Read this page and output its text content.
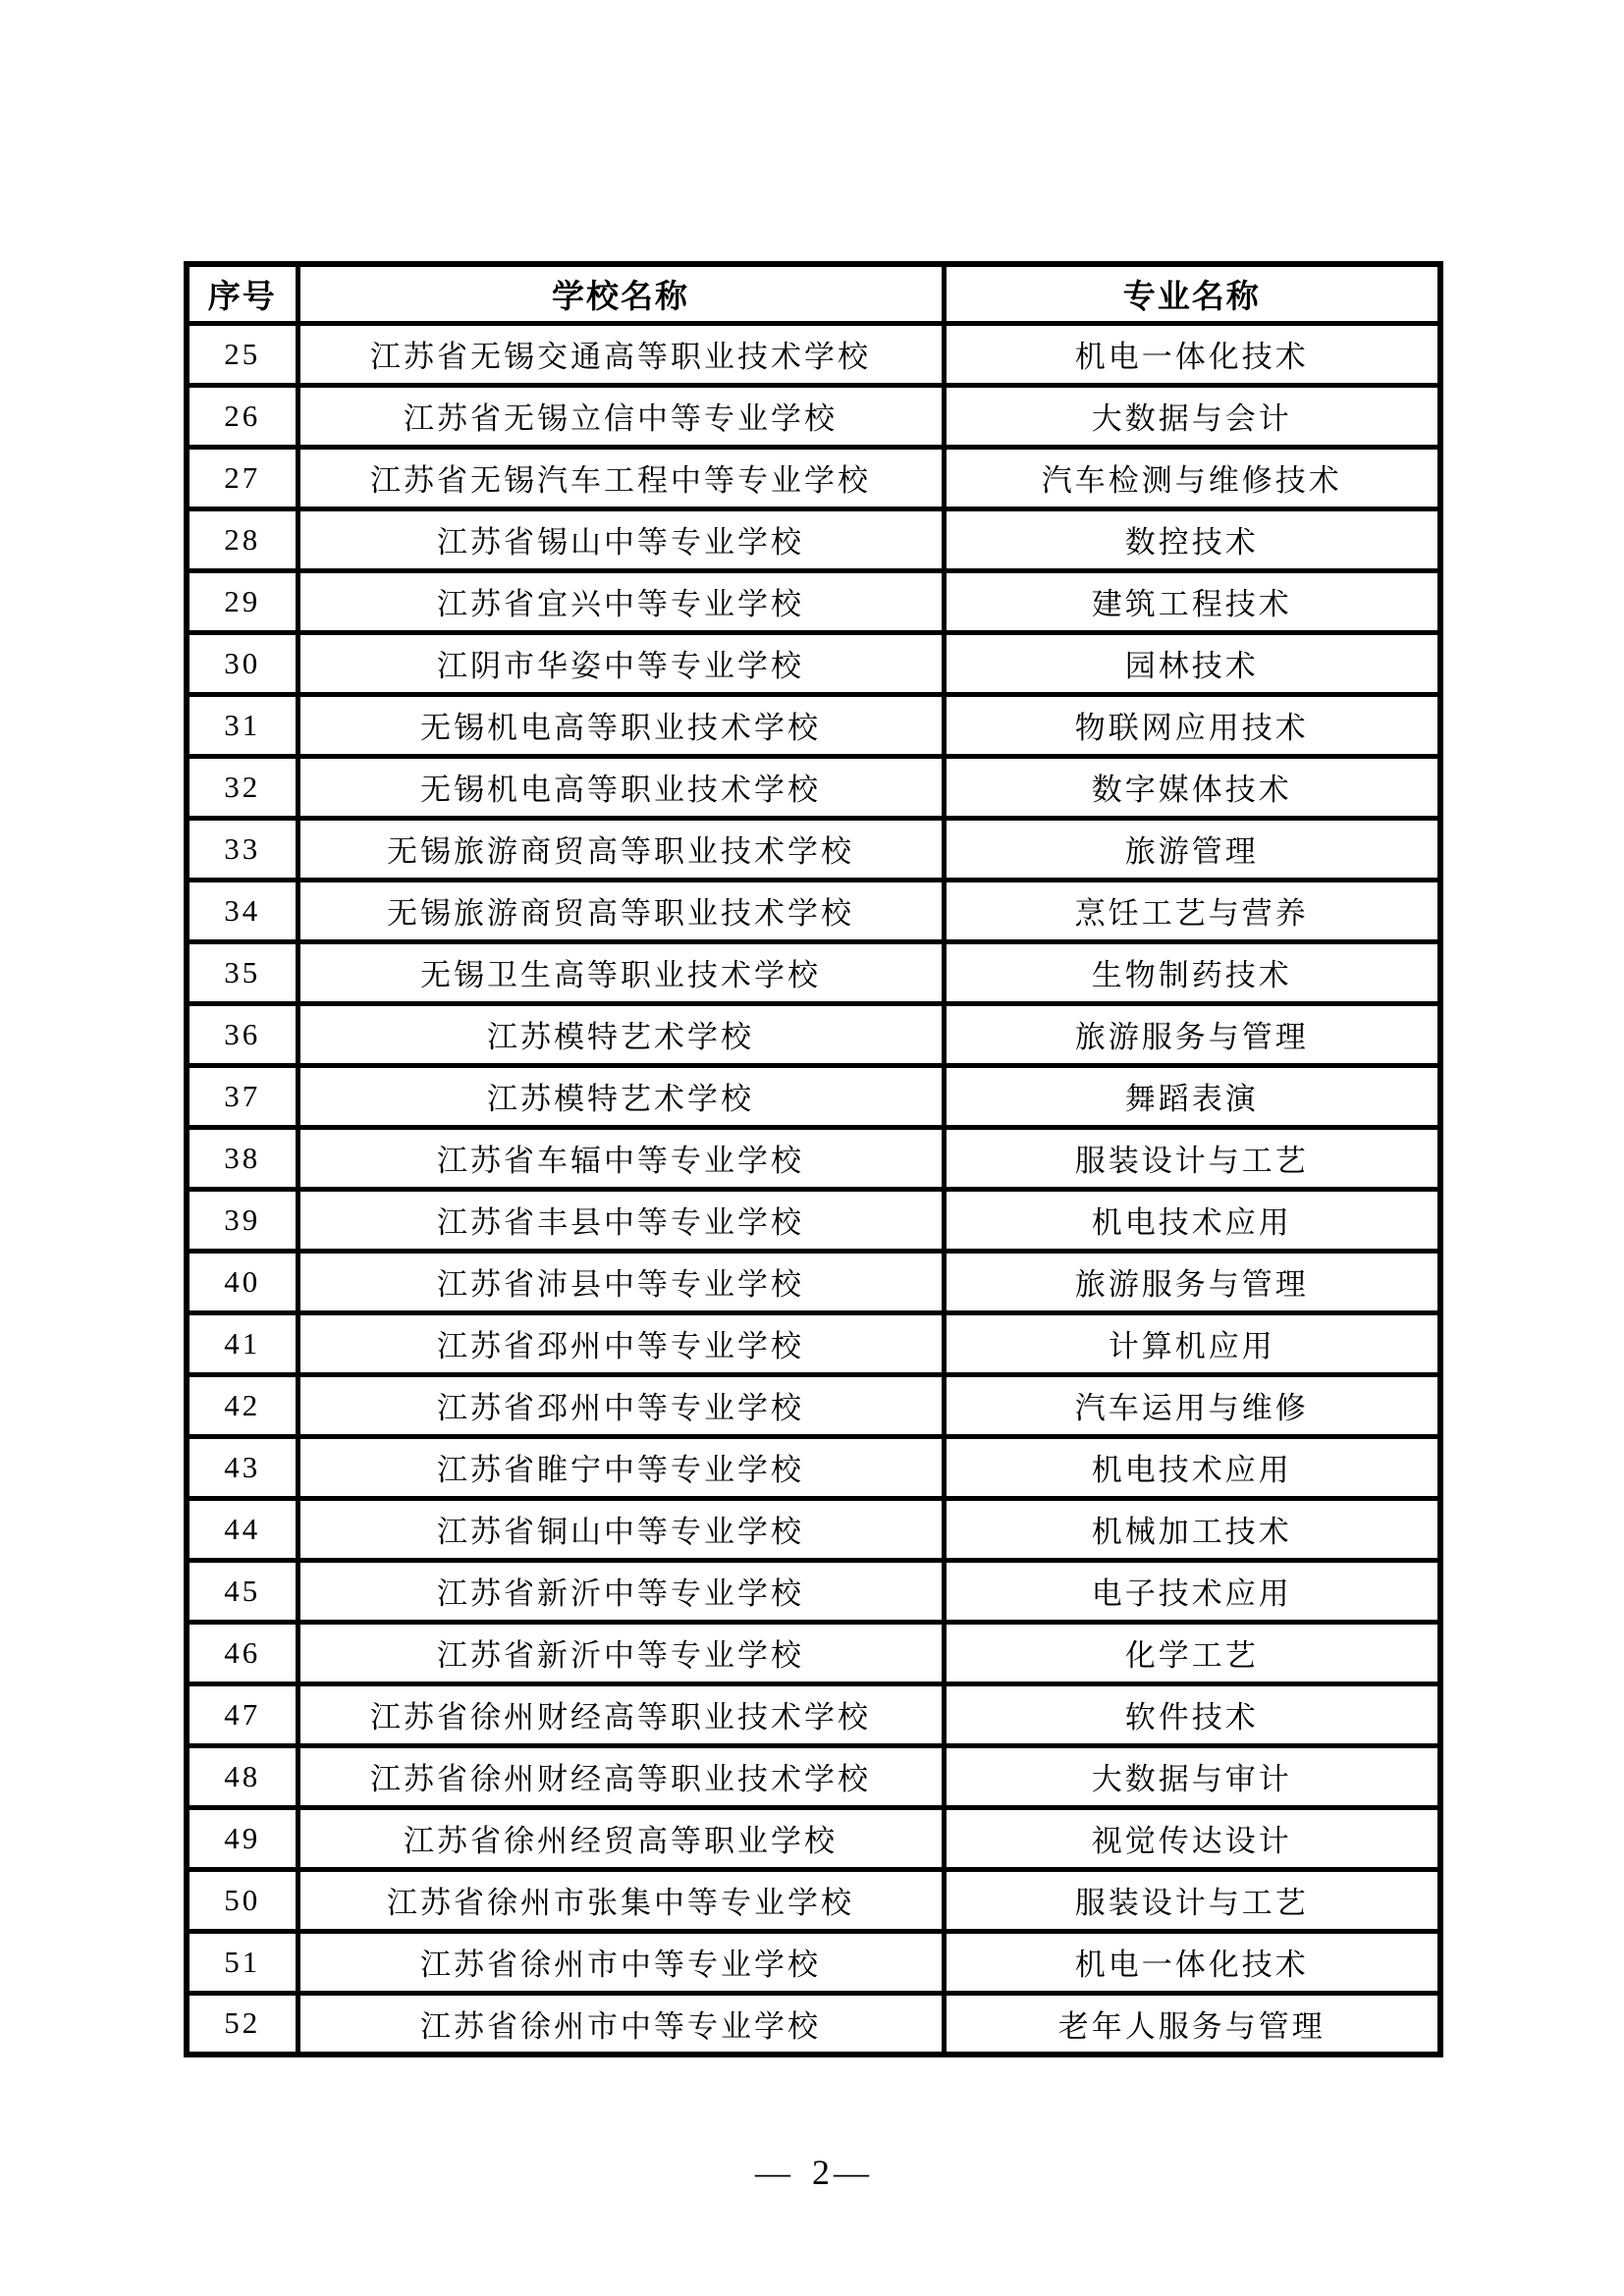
序号	学校名称	专业名称
25	江苏省无锡交通高等职业技术学校	机电一体化技术
26	江苏省无锡立信中等专业学校	大数据与会计
27	江苏省无锡汽车工程中等专业学校	汽车检测与维修技术
28	江苏省锡山中等专业学校	数控技术
29	江苏省宜兴中等专业学校	建筑工程技术
30	江阴市华姿中等专业学校	园林技术
31	无锡机电高等职业技术学校	物联网应用技术
32	无锡机电高等职业技术学校	数字媒体技术
33	无锡旅游商贸高等职业技术学校	旅游管理
34	无锡旅游商贸高等职业技术学校	烹饪工艺与营养
35	无锡卫生高等职业技术学校	生物制药技术
36	江苏模特艺术学校	旅游服务与管理
37	江苏模特艺术学校	舞蹈表演
38	江苏省车辐中等专业学校	服装设计与工艺
39	江苏省丰县中等专业学校	机电技术应用
40	江苏省沛县中等专业学校	旅游服务与管理
41	江苏省邳州中等专业学校	计算机应用
42	江苏省邳州中等专业学校	汽车运用与维修
43	江苏省睢宁中等专业学校	机电技术应用
44	江苏省铜山中等专业学校	机械加工技术
45	江苏省新沂中等专业学校	电子技术应用
46	江苏省新沂中等专业学校	化学工艺
47	江苏省徐州财经高等职业技术学校	软件技术
48	江苏省徐州财经高等职业技术学校	大数据与审计
49	江苏省徐州经贸高等职业学校	视觉传达设计
50	江苏省徐州市张集中等专业学校	服装设计与工艺
51	江苏省徐州市中等专业学校	机电一体化技术
52	江苏省徐州市中等专业学校	老年人服务与管理
— 2 —
